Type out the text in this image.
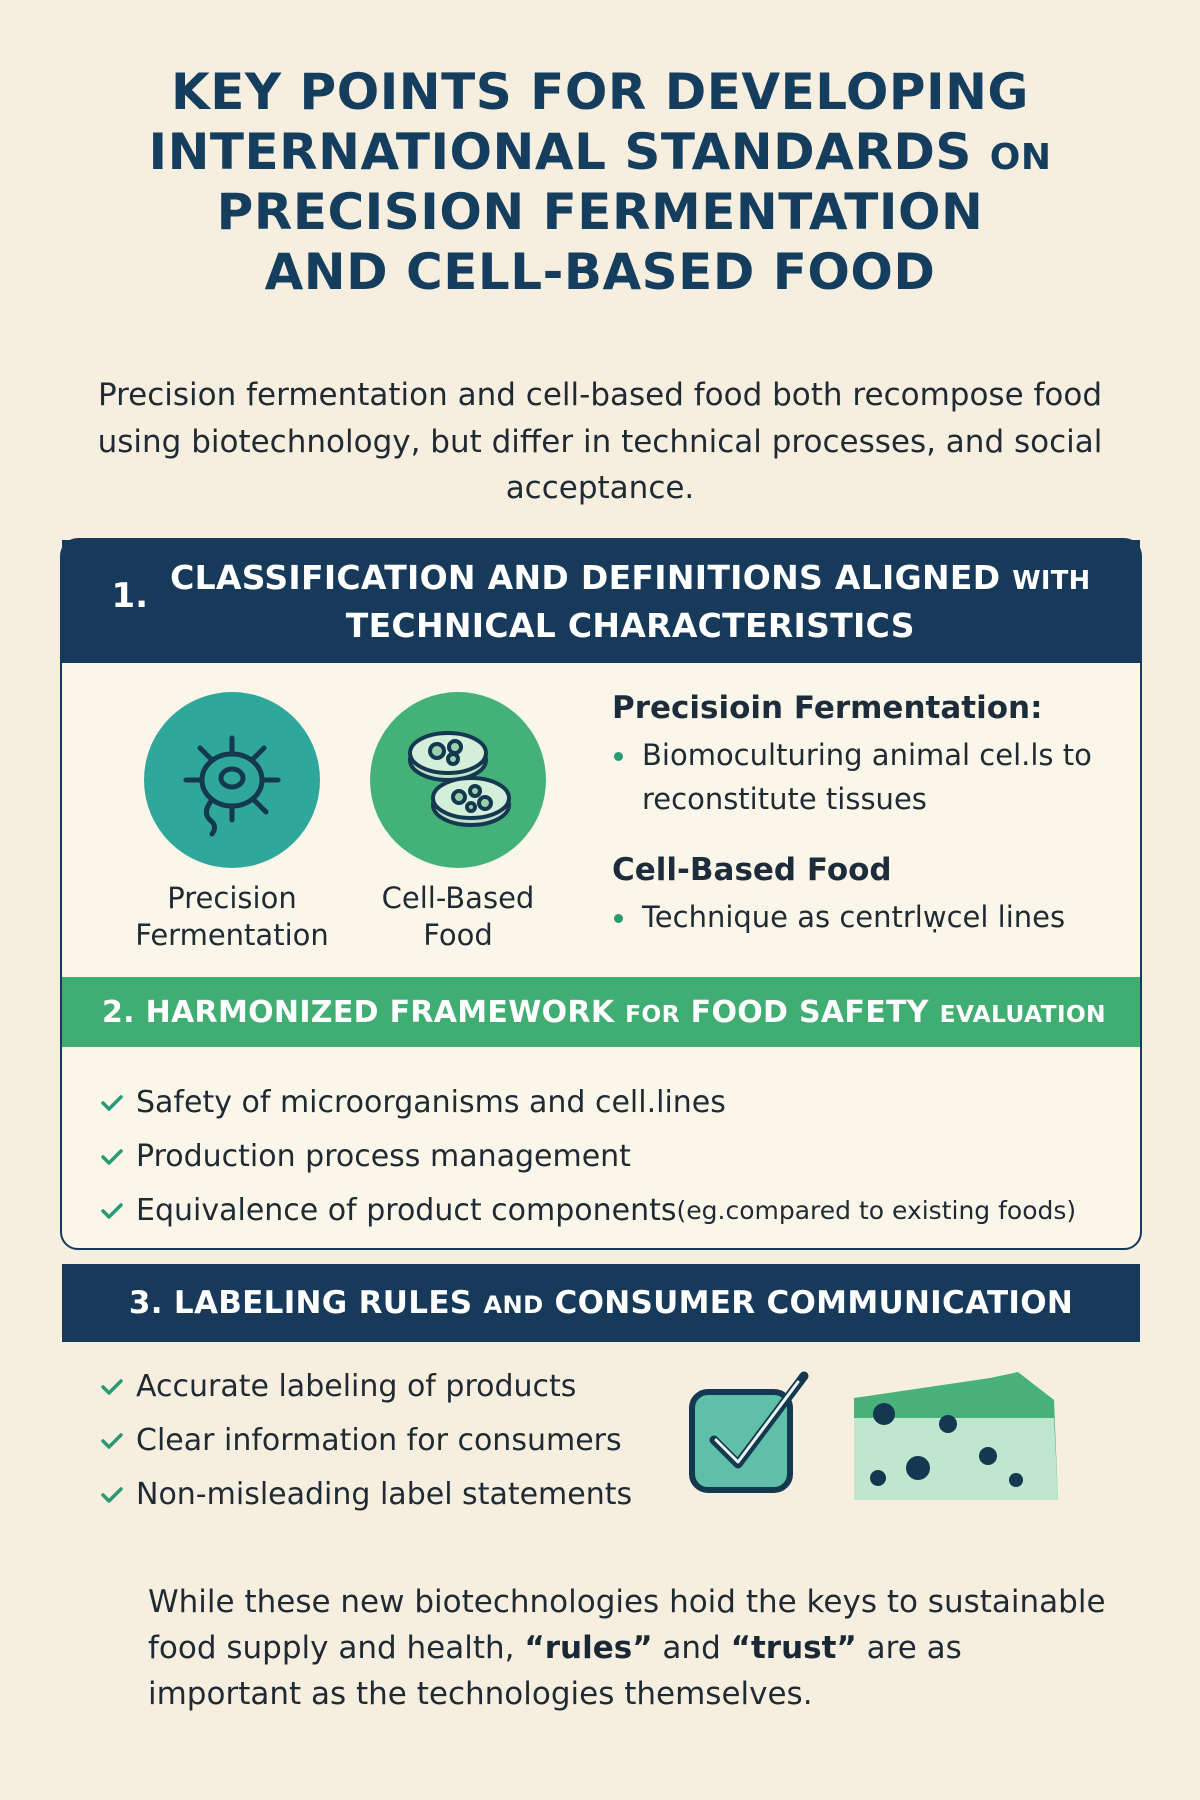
KEY POINTS FOR DEVELOPING
INTERNATIONAL STANDARDS ON
PRECISION FERMENTATION
AND CELL-BASED FOOD

Precision fermentation and cell-based food both recompose food using biotechnology, but differ in technical processes, and social acceptance.

1. CLASSIFICATION AND DEFINITIONS ALIGNED WITH
TECHNICAL CHARACTERISTICS
Precision
Fermentation
Cell-Based
Food

Precisioin Fermentation:

Biomoculturing animal cel.ls to reconstitute tissues

Cell-Based Food

Technique as centrlẉcel lines

2.
HARMONIZED FRAMEWORK FOR FOOD SAFETY EVALUATION
Safety of microorganisms and cell.lines
Production process management
Equivalence of product components (eg.compared to existing foods)
3.
LABELING RULES AND CONSUMER COMMUNICATION
Accurate labeling of products
Clear information for consumers
Non-misleading label statements

While these new biotechnologies hoid the keys to sustainable food supply and health, “rules” and “trust” are as important as the technologies themselves.
